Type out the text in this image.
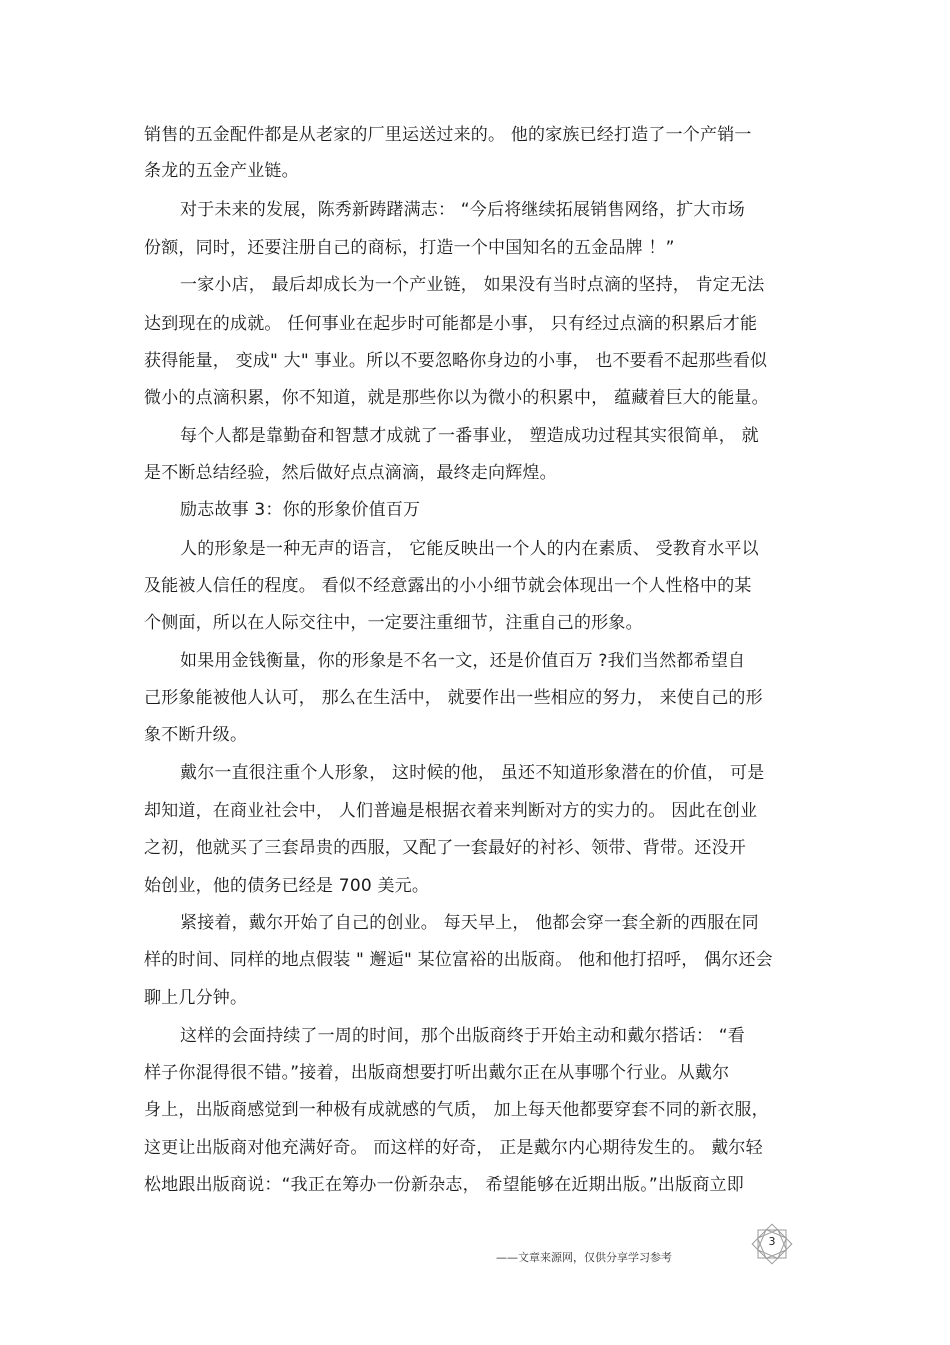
销售的五金配件都是从老家的厂里运送过来的。 他的家族已经打造了一个产销一
条龙的五金产业链。
对于未来的发展，陈秀新踌躇满志： “今后将继续拓展销售网络，扩大市场
份额，同时，还要注册自己的商标，打造一个中国知名的五金品牌 ！”
一家小店， 最后却成长为一个产业链， 如果没有当时点滴的坚持， 肯定无法
达到现在的成就。 任何事业在起步时可能都是小事， 只有经过点滴的积累后才能
获得能量， 变成" 大" 事业。所以不要忽略你身边的小事， 也不要看不起那些看似
微小的点滴积累，你不知道，就是那些你以为微小的积累中， 蕴藏着巨大的能量。
每个人都是靠勤奋和智慧才成就了一番事业， 塑造成功过程其实很简单， 就
是不断总结经验，然后做好点点滴滴，最终走向辉煌。
励志故事 3：你的形象价值百万
人的形象是一种无声的语言， 它能反映出一个人的内在素质、 受教育水平以
及能被人信任的程度。 看似不经意露出的小小细节就会体现出一个人性格中的某
个侧面，所以在人际交往中，一定要注重细节，注重自己的形象。
如果用金钱衡量，你的形象是不名一文，还是价值百万 ?我们当然都希望自
己形象能被他人认可， 那么在生活中， 就要作出一些相应的努力， 来使自己的形
象不断升级。
戴尔一直很注重个人形象， 这时候的他， 虽还不知道形象潜在的价值， 可是
却知道，在商业社会中， 人们普遍是根据衣着来判断对方的实力的。 因此在创业
之初，他就买了三套昂贵的西服，又配了一套最好的衬衫、领带、背带。还没开
始创业，他的债务已经是 700 美元。
紧接着，戴尔开始了自己的创业。 每天早上， 他都会穿一套全新的西服在同
样的时间、同样的地点假装 " 邂逅" 某位富裕的出版商。 他和他打招呼， 偶尔还会
聊上几分钟。
这样的会面持续了一周的时间，那个出版商终于开始主动和戴尔搭话： “看
样子你混得很不错。”接着，出版商想要打听出戴尔正在从事哪个行业。从戴尔
身上，出版商感觉到一种极有成就感的气质， 加上每天他都要穿套不同的新衣服，
这更让出版商对他充满好奇。 而这样的好奇， 正是戴尔内心期待发生的。 戴尔轻
松地跟出版商说：“我正在筹办一份新杂志， 希望能够在近期出版。”出版商立即
——文章来源网，仅供分享学习参考
3
